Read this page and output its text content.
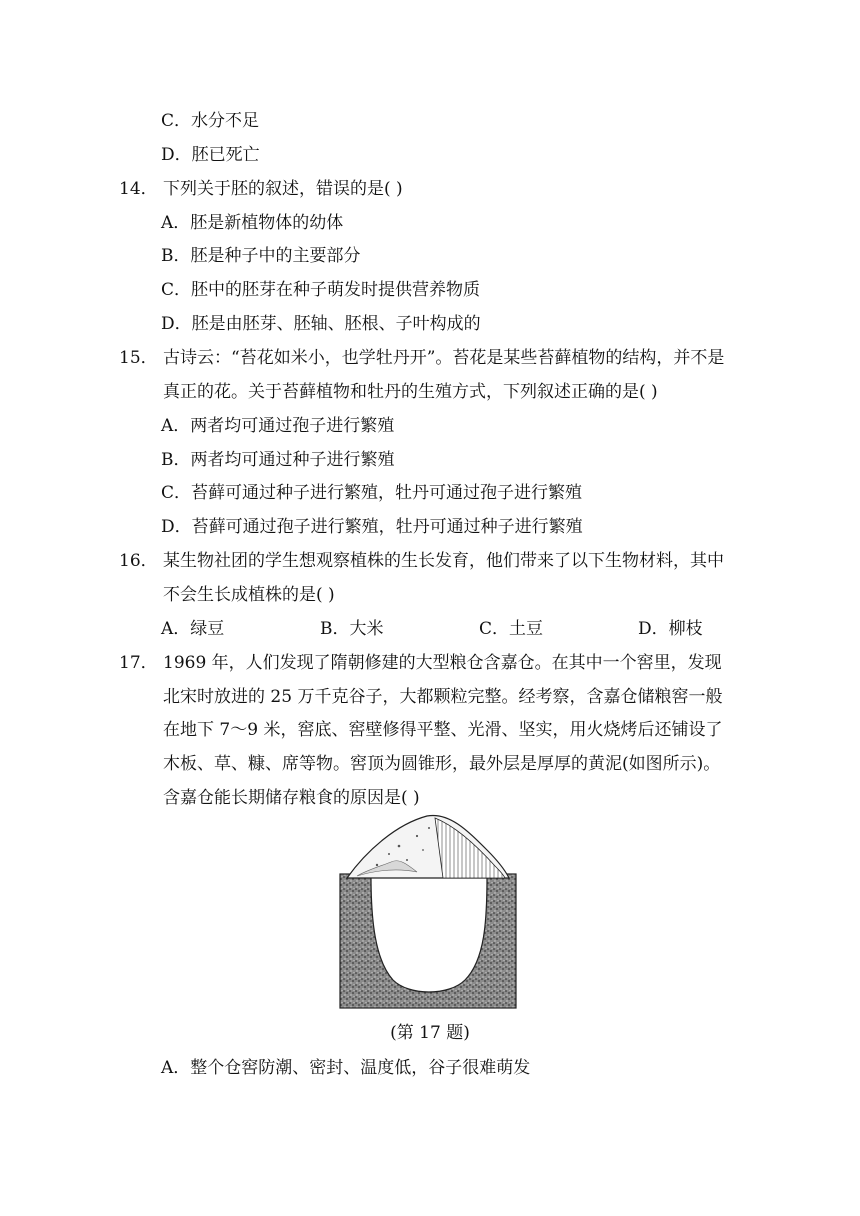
C．水分不足
D．胚已死亡
14． 下列关于胚的叙述，错误的是( )
A．胚是新植物体的幼体
B．胚是种子中的主要部分
C．胚中的胚芽在种子萌发时提供营养物质
D．胚是由胚芽、胚轴、胚根、子叶构成的
15． 古诗云：“苔花如米小，也学牡丹开”。苔花是某些苔藓植物的结构，并不是
真正的花。关于苔藓植物和牡丹的生殖方式，下列叙述正确的是( )
A．两者均可通过孢子进行繁殖
B．两者均可通过种子进行繁殖
C．苔藓可通过种子进行繁殖，牡丹可通过孢子进行繁殖
D．苔藓可通过孢子进行繁殖，牡丹可通过种子进行繁殖
16． 某生物社团的学生想观察植株的生长发育，他们带来了以下生物材料，其中
不会生长成植株的是( )
A．绿豆	B．大米	C．土豆	D．柳枝
17． 1969 年，人们发现了隋朝修建的大型粮仓含嘉仓。在其中一个窖里，发现
北宋时放进的 25 万千克谷子，大都颗粒完整。经考察，含嘉仓储粮窖一般
在地下 7～9 米，窖底、窖壁修得平整、光滑、坚实，用火烧烤后还铺设了
木板、草、糠、席等物。窖顶为圆锥形，最外层是厚厚的黄泥(如图所示)。
含嘉仓能长期储存粮食的原因是( )
(第 17 题)
A．整个仓窖防潮、密封、温度低，谷子很难萌发
